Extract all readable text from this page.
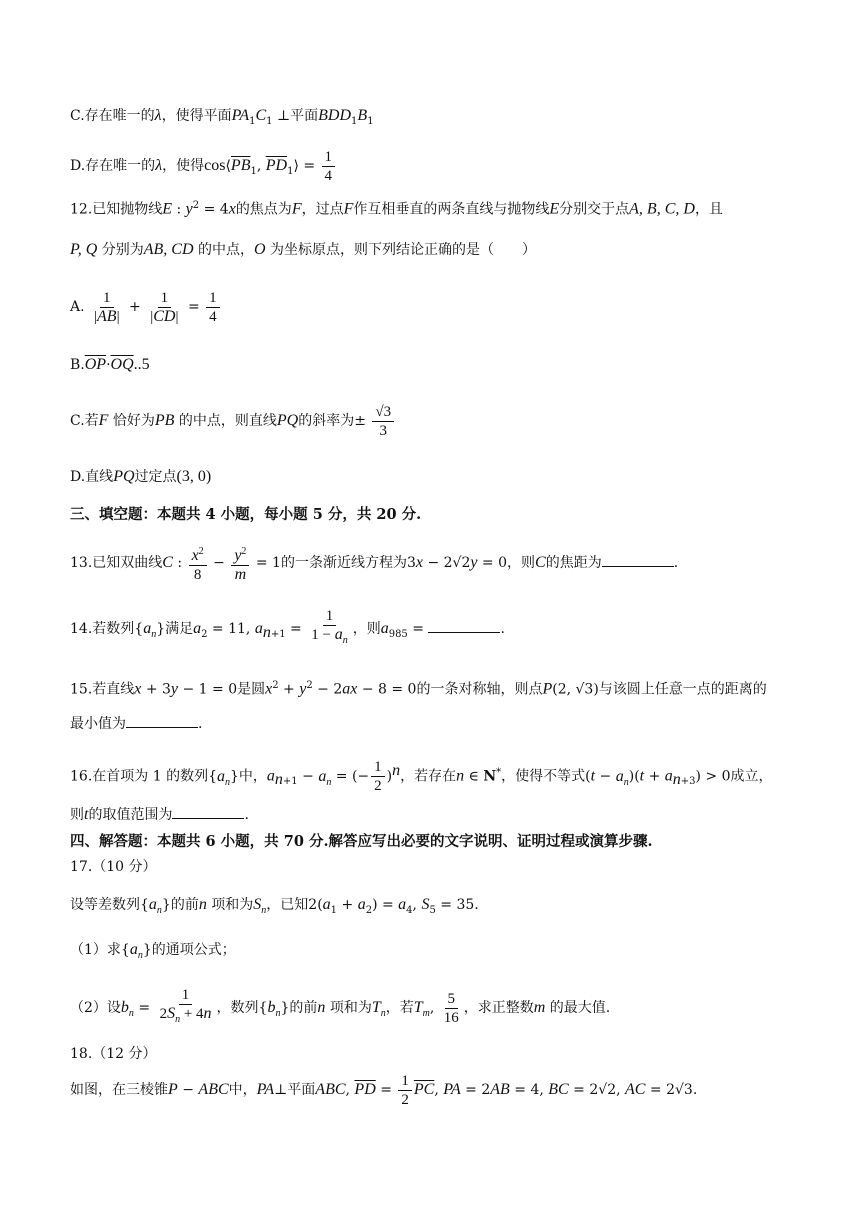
C.存在唯一的λ，使得平面$PA_1C_1$ ⊥平面$BDD_1B_1$
D.存在唯一的λ，使得$\cos⟨\overline{PB}_1$, $\overline{PD}_1⟩ = \frac{1}{4}$
12.已知抛物线E : $y^2 = 4x$的焦点为F，过点F作互相垂直的两条直线与抛物线E分别交于点A, B, C, D，且
P, Q 分别为AB, CD 的中点，O 为坐标原点，则下列结论正确的是（　　）
A. $\frac{1}{|AB|} + \frac{1}{|CD|} = \frac{1}{4}$
$B.\overline{OP}\cdot\overline{OQ}..5$
C.若F 恰好为PB 的中点，则直线PQ的斜率为± $\frac{√3}{3}$
D.直线PQ过定点(3, 0)
三、填空题：本题共 4 小题，每小题 5 分，共 20 分.
13.已知双曲线C : $\frac{x^2}{8} - \frac{y^2}{m} = 1$的一条渐近线方程为3x − 2√2y = 0，则C的焦距为	.
14.若数列$\{a_n\}$满足$a_2 = 11$, $a_{n+1} = \frac{1}{1 - a_n}$ ，则$a_{985}$ =	.
15.若直线x + 3y − 1 = 0是圆$x^2 + y^2 - 2ax - 8 = 0$的一条对称轴，则点P(2, √3)与该圆上任意一点的距离的
最小值为	.
16.在首项为 1 的数列$\{a_n\}$中，$a_{n+1} - a_n$ = (− $\frac{1}{2} )^n$，若存在n ∈ N*，使得不等式$(t - a_n)(t + a_{n+3}) > 0$成立，
则t的取值范围为	.
四、解答题：本题共 6 小题，共 70 分.解答应写出必要的文字说明、证明过程或演算步骤.
17.（10 分）
设等差数列$\{a_n\}$的前n 项和为$S_n$，已知$2(a_1 + a_2) = a_4$, $S_5 = 35$.
（1）求$\{a_n\}$的通项公式；
（2）设$b_n = \frac{1}{2S_n + 4n}$ ，数列$\{b_n\}$的前n 项和为$T_n$，若$T_m$, $\frac{5}{16}$ ，求正整数m 的最大值.
18.（12 分）
如图，在三棱锥P − ABC中，PA⊥平面ABC, $\overline{PD} = \frac{1}{2} \overline{PC}$, PA = 2AB = 4, BC = 2√2, AC = 2√3.
